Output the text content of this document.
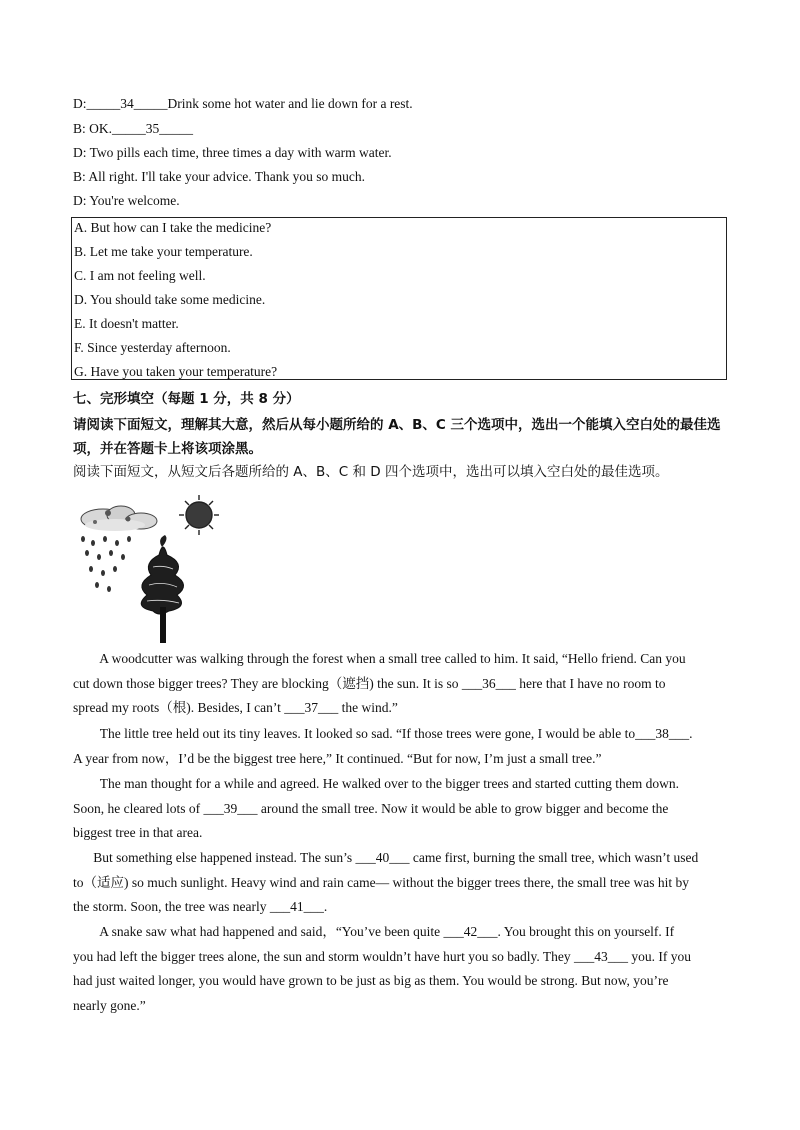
D:_____34_____Drink some hot water and lie down for a rest.
B: OK._____35_____
D: Two pills each time, three times a day with warm water.
B: All right. I'll take your advice. Thank you so much.
D: You're welcome.
A. But how can I take the medicine?
B. Let me take your temperature.
C. I am not feeling well.
D. You should take some medicine.
E. It doesn't matter.
F. Since yesterday afternoon.
G. Have you taken your temperature?
七、完形填空（每题 1 分，共 8 分）
请阅读下面短文，理解其大意，然后从每小题所给的 A、B、C 三个选项中，选出一个能填入空白处的最佳选项，并在答题卡上将该项涂黑。
阅读下面短文，从短文后各题所给的 A、B、C 和 D 四个选项中，选出可以填入空白处的最佳选项。
A woodcutter was walking through the forest when a small tree called to him. It said, “Hello friend. Can you
cut down those bigger trees? They are blocking（遮挡) the sun. It is so ___36___ here that I have no room to
spread my roots（根). Besides, I can’t ___37___ the wind.”
The little tree held out its tiny leaves. It looked so sad. “If those trees were gone, I would be able to___38___.
A year from now，I’d be the biggest tree here,” It continued. “But for now, I’m just a small tree.”
The man thought for a while and agreed. He walked over to the bigger trees and started cutting them down.
Soon, he cleared lots of ___39___ around the small tree. Now it would be able to grow bigger and become the
biggest tree in that area.
But something else happened instead. The sun’s ___40___ came first, burning the small tree, which wasn’t used
to（适应) so much sunlight. Heavy wind and rain came— without the bigger trees there, the small tree was hit by
the storm. Soon, the tree was nearly ___41___.
A snake saw what had happened and said，“You’ve been quite ___42___. You brought this on yourself. If
you had left the bigger trees alone, the sun and storm wouldn’t have hurt you so badly. They ___43___ you. If you
had just waited longer, you would have grown to be just as big as them. You would be strong. But now, you’re
nearly gone.”
